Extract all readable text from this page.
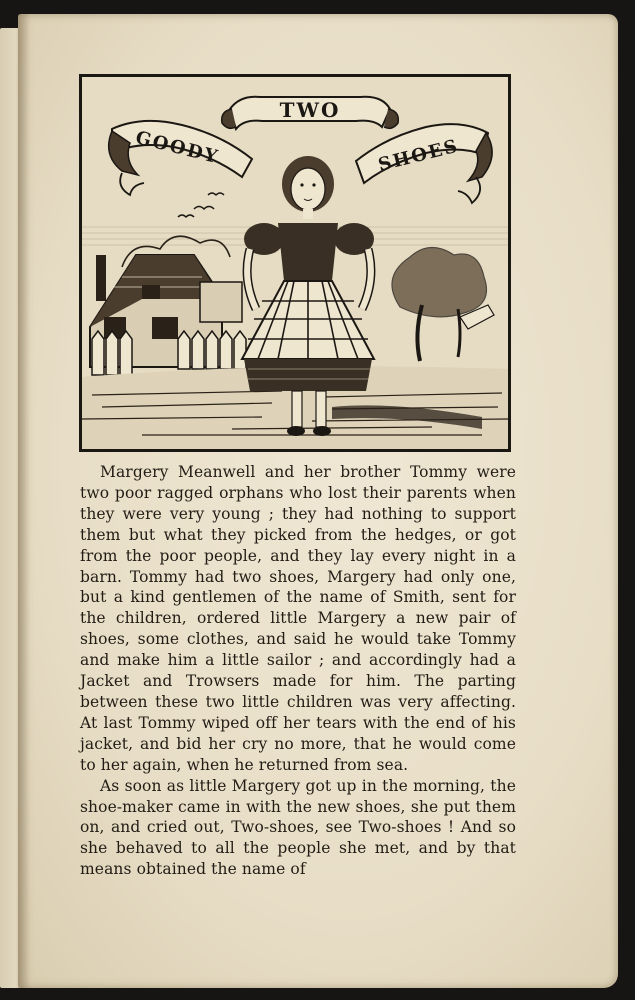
TWO
GOODY	SHOES

Margery Meanwell and her brother Tommy were two poor ragged orphans who lost their parents when they were very young ; they had nothing to support them but what they picked from the hedges, or got from the poor people, and they lay every night in a barn. Tommy had two shoes, Margery had only one, but a kind gentlemen of the name of Smith, sent for the children, ordered little Margery a new pair of shoes, some clothes, and said he would take Tommy and make him a little sailor ; and accordingly had a Jacket and Trowsers made for him. The parting between these two little children was very affecting. At last Tommy wiped off her tears with the end of his jacket, and bid her cry no more, that he would come to her again, when he returned from sea.

As soon as little Margery got up in the morning, the shoe-maker came in with the new shoes, she put them on, and cried out, Two-shoes, see Two-shoes ! And so she behaved to all the people she met, and by that means obtained the name of
